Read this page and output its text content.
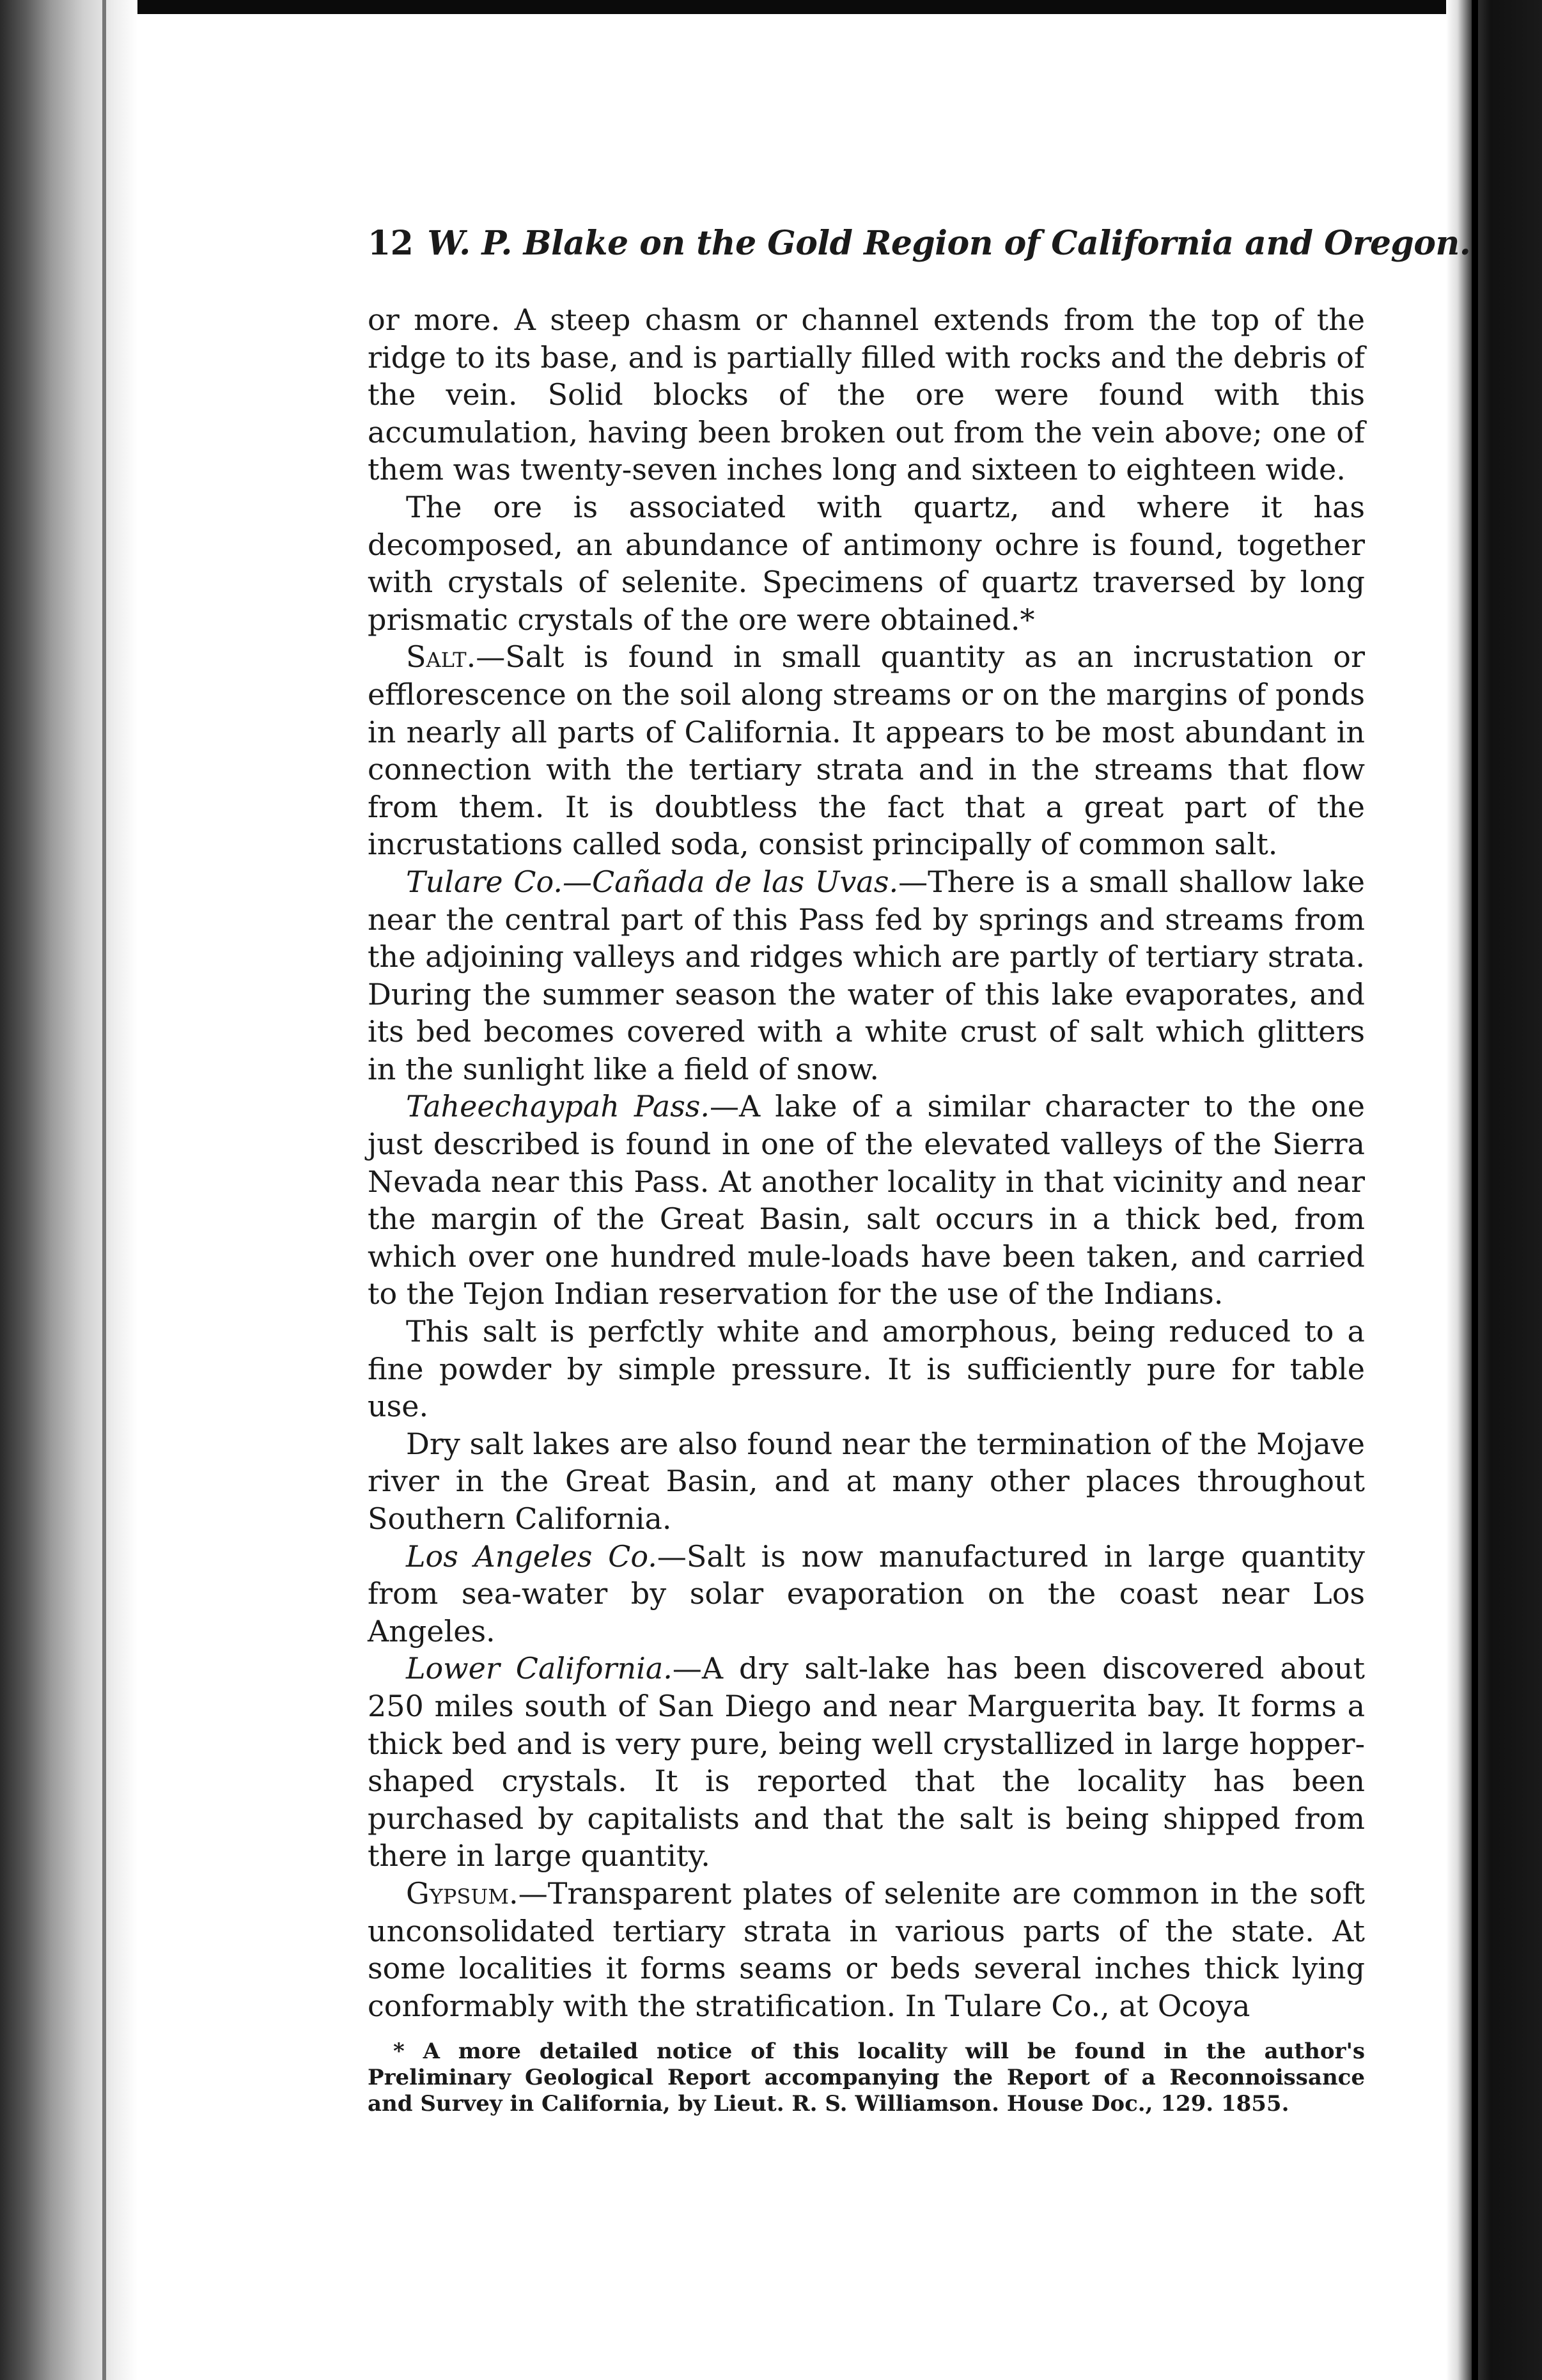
12 W. P. Blake on the Gold Region of California and Oregon.

or more. A steep chasm or channel extends from the top of the ridge to its base, and is partially filled with rocks and the debris of the vein. Solid blocks of the ore were found with this accumulation, having been broken out from the vein above; one of them was twenty-seven inches long and sixteen to eighteen wide.

The ore is associated with quartz, and where it has decomposed, an abundance of antimony ochre is found, together with crystals of selenite. Specimens of quartz traversed by long prismatic crystals of the ore were obtained.*

Salt.—Salt is found in small quantity as an incrustation or efflorescence on the soil along streams or on the margins of ponds in nearly all parts of California. It appears to be most abundant in connection with the tertiary strata and in the streams that flow from them. It is doubtless the fact that a great part of the incrustations called soda, consist principally of common salt.

Tulare Co.—Cañada de las Uvas.—There is a small shallow lake near the central part of this Pass fed by springs and streams from the adjoining valleys and ridges which are partly of tertiary strata. During the summer season the water of this lake evaporates, and its bed becomes covered with a white crust of salt which glitters in the sunlight like a field of snow.

Taheechaypah Pass.—A lake of a similar character to the one just described is found in one of the elevated valleys of the Sierra Nevada near this Pass. At another locality in that vicinity and near the margin of the Great Basin, salt occurs in a thick bed, from which over one hundred mule-loads have been taken, and carried to the Tejon Indian reservation for the use of the Indians.

This salt is perfctly white and amorphous, being reduced to a fine powder by simple pressure. It is sufficiently pure for table use.

Dry salt lakes are also found near the termination of the Mojave river in the Great Basin, and at many other places throughout Southern California.

Los Angeles Co.—Salt is now manufactured in large quantity from sea-water by solar evaporation on the coast near Los Angeles.

Lower California.—A dry salt-lake has been discovered about 250 miles south of San Diego and near Marguerita bay. It forms a thick bed and is very pure, being well crystallized in large hopper-shaped crystals. It is reported that the locality has been purchased by capitalists and that the salt is being shipped from there in large quantity.

Gypsum.—Transparent plates of selenite are common in the soft unconsolidated tertiary strata in various parts of the state. At some localities it forms seams or beds several inches thick lying conformably with the stratification. In Tulare Co., at Ocoya

* A more detailed notice of this locality will be found in the author's Preliminary Geological Report accompanying the Report of a Reconnoissance and Survey in California, by Lieut. R. S. Williamson. House Doc., 129. 1855.
